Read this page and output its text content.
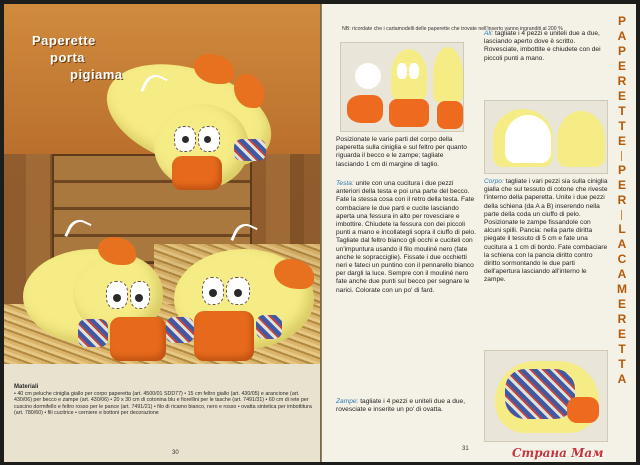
Paperette
porta
pigiama
Materiali
• 40 cm peluche ciniglia giallo per corpo paperetta (art. 4500/01 SDD77) • 15 cm feltro giallo (art. 430/05) e arancione (art. 430/06) per becco e zampe (art. 430/06) • 20 x 30 cm di cotonina blu e fiorellini per le tasche (art. 7491/31) • 60 cm di rete per cuscino dormifello e feltro rosso per le pance (art. 7491/21) • filo di ricamo bianco, nero e rosso • ovatta sintetica per imbottitura (art. 780/60) • fili cucitrice • cerniere e bottoni per decorazione
30
NB: ricordate che i cartamodelli delle paperette che trovate nell'inserto vanno ingranditi al 200 %
Posizionate le varie parti del corpo della paperetta sulla ciniglia e sul feltro per quanto riguarda il becco e le zampe; tagliate lasciando 1 cm di margine di taglio.
Testa: unite con una cucitura i due pezzi anteriori della testa e poi una parte del becco. Fate la stessa cosa con il retro della testa. Fate combaciare le due parti e cucite lasciando aperta una fessura in alto per rovesciare e imbottire. Chiudete la fessura con dei piccoli punti a mano e incollategli sopra il ciuffo di pelo. Tagliate dal feltro bianco gli occhi e cuciteli con un'impuntura usando il filo mouliné nero (fate anche le sopracciglie). Fissate i due occhietti neri e fateci un puntino con il pennarello bianco per dargli la luce. Sempre con il mouliné nero fate anche due punti sul becco per segnare le narici. Colorate con un po' di fard.
Zampe: tagliate i 4 pezzi e uniteli due a due, rovesciate e inserite un po' di ovatta.
Ali: tagliate i 4 pezzi e uniteli due a due, lasciando aperto dove è scritto. Rovesciate, imbottite e chiudete con dei piccoli punti a mano.
Corpo: tagliate i vari pezzi sia sulla ciniglia gialla che sul tessuto di cotone che riveste l'interno della paperetta. Unite i due pezzi della schiena (da A a B) inserendo nella parte della coda un ciuffo di pelo. Posizionate le zampe fissandole con alcuni spilli. Pancia: nella parte diritta piegate il tessuto di 5 cm e fate una cucitura a 1 cm di bordo. Fate combaciare la schiena con la pancia diritto contro diritto sormontando le due parti dell'apertura lasciando all'interno le zampe.
P
A
P
E
R
E
T
T
E
P
E
R
L
A
C
A
M
E
R
E
T
T
A
31	Страна Мам
